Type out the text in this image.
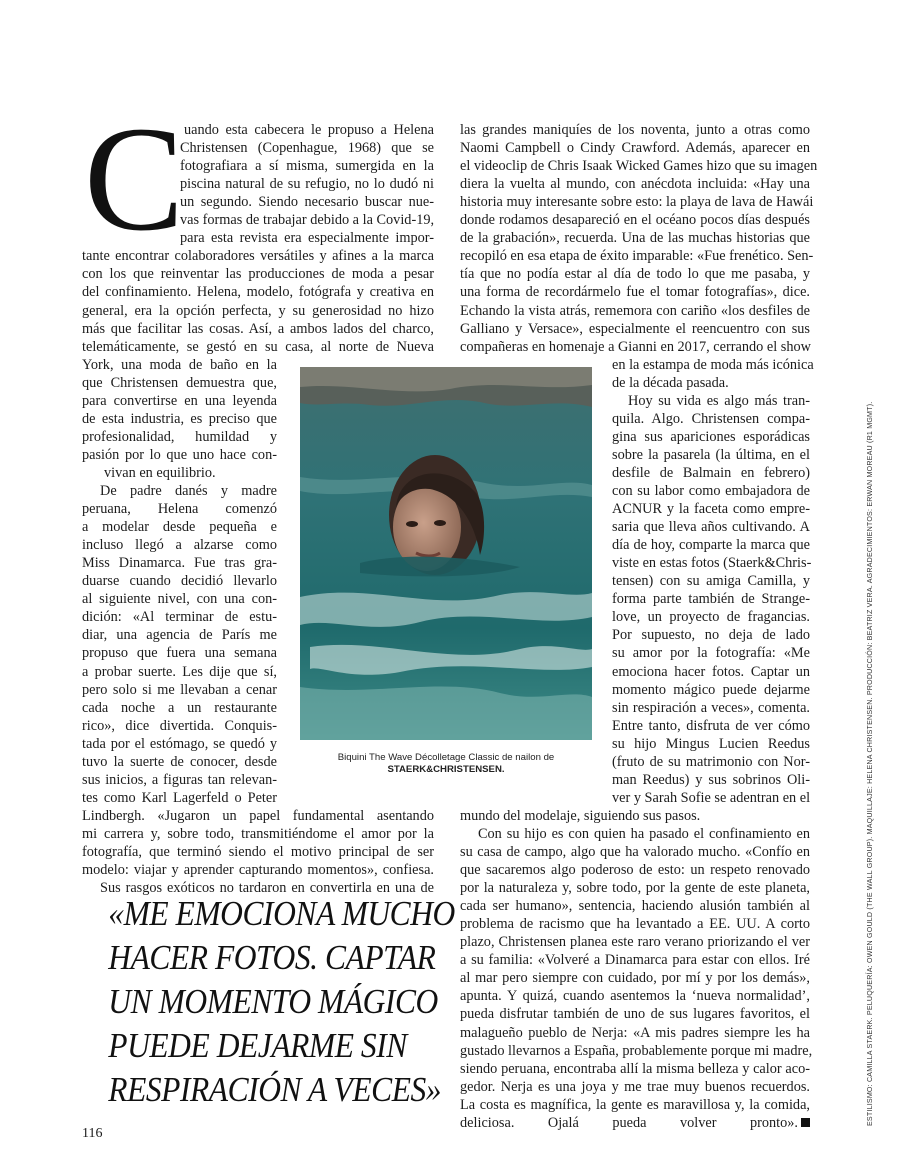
C uando esta cabecera le propuso a Helena
Christensen (Copenhague, 1968) que se
fotografiara a sí misma, sumergida en la
piscina natural de su refugio, no lo dudó ni
un segundo. Siendo necesario buscar nue-
vas formas de trabajar debido a la Covid-19,
para esta revista era especialmente impor-
tante encontrar colaboradores versátiles y afines a la marca
con los que reinventar las producciones de moda a pesar
del confinamiento. Helena, modelo, fotógrafa y creativa en
general, era la opción perfecta, y su generosidad no hizo
más que facilitar las cosas. Así, a ambos lados del charco,
telemáticamente, se gestó en su casa, al norte de Nueva
York, una moda de baño en la
que Christensen demuestra que,
para convertirse en una leyenda
de esta industria, es preciso que
profesionalidad, humildad y
pasión por lo que uno hace con-
vivan en equilibrio.
De padre danés y madre
peruana, Helena comenzó
a modelar desde pequeña e
incluso llegó a alzarse como
Miss Dinamarca. Fue tras gra-
duarse cuando decidió llevarlo
al siguiente nivel, con una con-
dición: «Al terminar de estu-
diar, una agencia de París me
propuso que fuera una semana
a probar suerte. Les dije que sí,
pero solo si me llevaban a cenar
cada noche a un restaurante
rico», dice divertida. Conquis-
tada por el estómago, se quedó y
tuvo la suerte de conocer, desde
sus inicios, a figuras tan relevan-
tes como Karl Lagerfeld o Peter
Lindbergh. «Jugaron un papel fundamental asentando
mi carrera y, sobre todo, transmitiéndome el amor por la
fotografía, que terminó siendo el motivo principal de ser
modelo: viajar y aprender capturando momentos», confiesa.
Sus rasgos exóticos no tardaron en convertirla en una de
las grandes maniquíes de los noventa, junto a otras como
Naomi Campbell o Cindy Crawford. Además, aparecer en
el videoclip de Chris Isaak Wicked Games hizo que su imagen
diera la vuelta al mundo, con anécdota incluida: «Hay una
historia muy interesante sobre esto: la playa de lava de Hawái
donde rodamos desapareció en el océano pocos días después
de la grabación», recuerda. Una de las muchas historias que
recopiló en esa etapa de éxito imparable: «Fue frenético. Sen-
tía que no podía estar al día de todo lo que me pasaba, y
una forma de recordármelo fue el tomar fotografías», dice.
Echando la vista atrás, rememora con cariño «los desfiles de
Galliano y Versace», especialmente el reencuentro con sus
compañeras en homenaje a Gianni en 2017, cerrando el show
en la estampa de moda más icónica
de la década pasada.
Hoy su vida es algo más tran-
quila. Algo. Christensen compa-
gina sus apariciones esporádicas
sobre la pasarela (la última, en el
desfile de Balmain en febrero)
con su labor como embajadora de
ACNUR y la faceta como empre-
saria que lleva años cultivando. A
día de hoy, comparte la marca que
viste en estas fotos (Staerk&Chris-
tensen) con su amiga Camilla, y
forma parte también de Strange-
love, un proyecto de fragancias.
Por supuesto, no deja de lado
su amor por la fotografía: «Me
emociona hacer fotos. Captar un
momento mágico puede dejarme
sin respiración a veces», comenta.
Entre tanto, disfruta de ver cómo
su hijo Mingus Lucien Reedus
(fruto de su matrimonio con Nor-
man Reedus) y sus sobrinos Oli-
ver y Sarah Sofie se adentran en el
mundo del modelaje, siguiendo sus pasos.
Con su hijo es con quien ha pasado el confinamiento en
su casa de campo, algo que ha valorado mucho. «Confío en
que sacaremos algo poderoso de esto: un respeto renovado
por la naturaleza y, sobre todo, por la gente de este planeta,
cada ser humano», sentencia, haciendo alusión también al
problema de racismo que ha levantado a EE. UU. A corto
plazo, Christensen planea este raro verano priorizando el ver
a su familia: «Volveré a Dinamarca para estar con ellos. Iré
al mar pero siempre con cuidado, por mí y por los demás»,
apunta. Y quizá, cuando asentemos la ‘nueva normalidad’,
pueda disfrutar también de uno de sus lugares favoritos, el
malagueño pueblo de Nerja: «A mis padres siempre les ha
gustado llevarnos a España, probablemente porque mi madre,
siendo peruana, encontraba allí la misma belleza y calor aco-
gedor. Nerja es una joya y me trae muy buenos recuerdos.
La costa es magnífica, la gente es maravillosa y, la comida,
deliciosa. Ojalá pueda volver pronto».
Biquini The Wave Décolletage Classic de nailon de STAERK&CHRISTENSEN.
«ME EMOCIONA MUCHO
HACER FOTOS. CAPTAR
UN MOMENTO MÁGICO
PUEDE DEJARME SIN
RESPIRACIÓN A VECES»
116
ESTILISMO: CAMILLA STAERK. PELUQUERÍA: OWEN GOULD (THE WALL GROUP). MAQUILLAJE: HELENA CHRISTENSEN. PRODUCCIÓN: BEATRIZ VERA. AGRADECIMIENTOS: ERWAN MOREAU (R1 MGMT).
